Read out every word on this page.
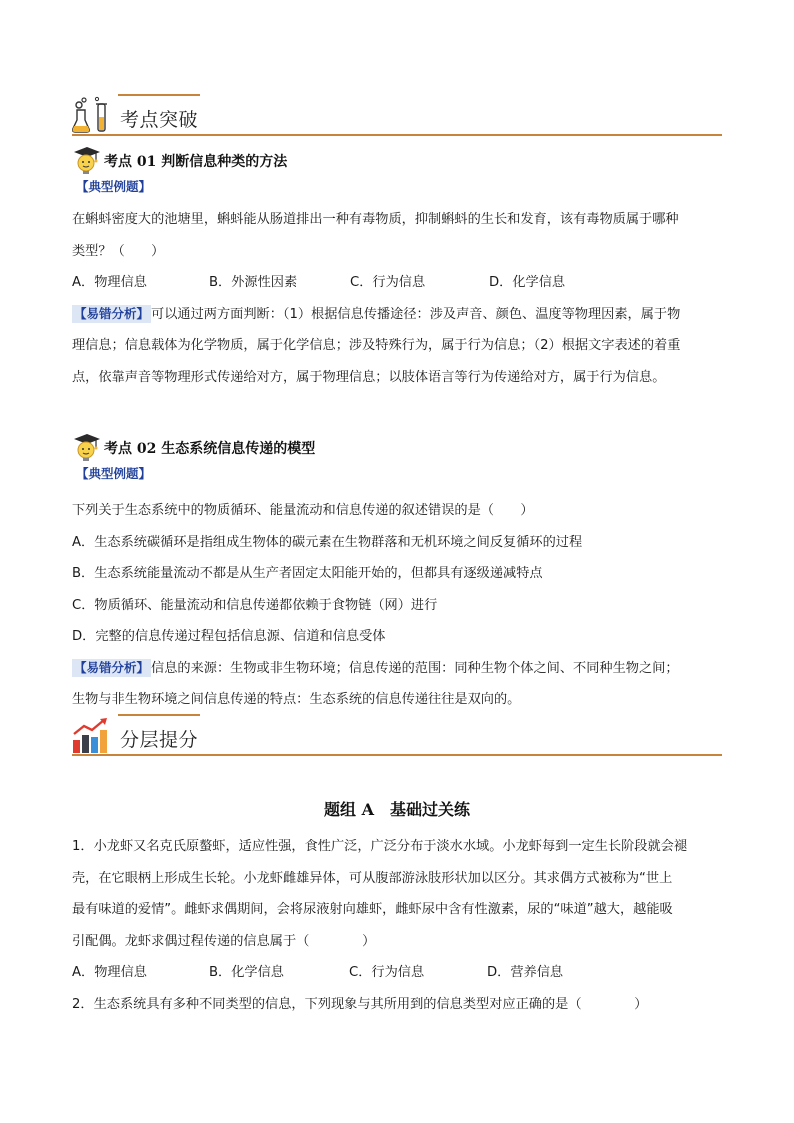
考点突破
考点 01 判断信息种类的方法
【典型例题】
在蝌蚪密度大的池塘里，蝌蚪能从肠道排出一种有毒物质，抑制蝌蚪的生长和发育，该有毒物质属于哪种
类型？（　　）
A．物理信息	B．外源性因素	C．行为信息	D．化学信息
【易错分析】 可以通过两方面判断：（1）根据信息传播途径：涉及声音、颜色、温度等物理因素，属于物
理信息；信息载体为化学物质，属于化学信息；涉及特殊行为，属于行为信息；（2）根据文字表述的着重
点，依靠声音等物理形式传递给对方，属于物理信息；以肢体语言等行为传递给对方，属于行为信息。
考点 02 生态系统信息传递的模型
【典型例题】
下列关于生态系统中的物质循环、能量流动和信息传递的叙述错误的是（　　）
A．生态系统碳循环是指组成生物体的碳元素在生物群落和无机环境之间反复循环的过程
B．生态系统能量流动不都是从生产者固定太阳能开始的，但都具有逐级递减特点
C．物质循环、能量流动和信息传递都依赖于食物链（网）进行
D．完整的信息传递过程包括信息源、信道和信息受体
【易错分析】 信息的来源：生物或非生物环境；信息传递的范围：同种生物个体之间、不同种生物之间；
生物与非生物环境之间信息传递的特点：生态系统的信息传递往往是双向的。
分层提分
题组 A　基础过关练
1．小龙虾又名克氏原螯虾，适应性强，食性广泛，广泛分布于淡水水域。小龙虾每到一定生长阶段就会褪
壳，在它眼柄上形成生长轮。小龙虾雌雄异体，可从腹部游泳肢形状加以区分。其求偶方式被称为“世上
最有味道的爱情”。雌虾求偶期间，会将尿液射向雄虾，雌虾尿中含有性激素，尿的“味道”越大，越能吸
引配偶。龙虾求偶过程传递的信息属于（　　　　）
A．物理信息	B．化学信息	C．行为信息	D．营养信息
2．生态系统具有多种不同类型的信息，下列现象与其所用到的信息类型对应正确的是（　　　　）
